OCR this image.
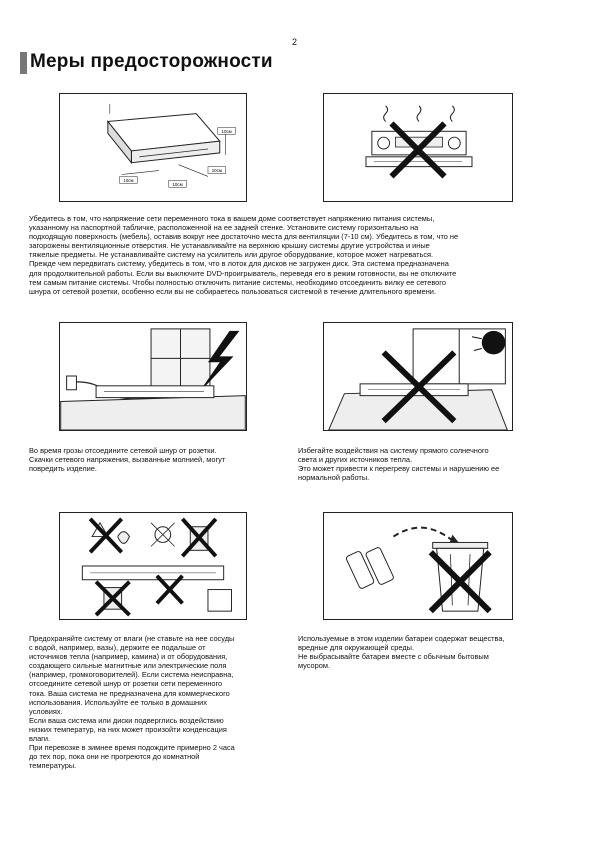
2
Меры предосторожности
10см
10см
10см
10см
Убедитесь в том, что напряжение сети переменного тока в вашем доме соответствует напряжению питания системы,
указанному на паспортной табличке, расположенной на ее задней стенке. Установите систему горизонтально на
подходящую поверхность (мебель), оставив вокруг нее достаточно места для вентиляции (7-10 см). Убедитесь в том, что не
загорожены вентиляционные отверстия. Не устанавливайте на верхнюю крышку системы другие устройства и иные
тяжелые предметы. Не устанавливайте систему на усилитель или другое оборудование, которое может нагреваться.
Прежде чем передвигать систему, убедитесь в том, что в лоток для дисков не загружен диск. Эта система предназначена
для продолжительной работы. Если вы выключите DVD-проигрыватель, переведя его в режим готовности, вы не отключите
тем самым питание системы. Чтобы полностью отключить питание системы, необходимо отсоединить вилку ее сетевого
шнура от сетевой розетки, особенно если вы не собираетесь пользоваться системой в течение длительного времени.
Во время грозы отсоедините сетевой шнур от розетки.
Скачки сетевого напряжения, вызванные молнией, могут
повредить изделие.
Избегайте воздействия на систему прямого солнечного
света и других источников тепла.
Это может привести к перегреву системы и нарушению ее
нормальной работы.
Предохраняйте систему от влаги (не ставьте на нее сосуды
с водой, например, вазы), держите ее подальше от
источников тепла (например, камина) и от оборудования,
создающего сильные магнитные или электрические поля
(например, громкоговорителей). Если система неисправна,
отсоедините сетевой шнур от розетки сети переменного
тока. Ваша система не предназначена для коммерческого
использования. Используйте ее только в домашних
условиях.
Если ваша система или диски подверглись воздействию
низких температур, на них может произойти конденсация
влаги.
При перевозке в зимнее время подождите примерно 2 часа
до тех пор, пока они не прогреются до комнатной
температуры.
Используемые в этом изделии батареи содержат вещества,
вредные для окружающей среды.
Не выбрасывайте батареи вместе с обычным бытовым
мусором.
